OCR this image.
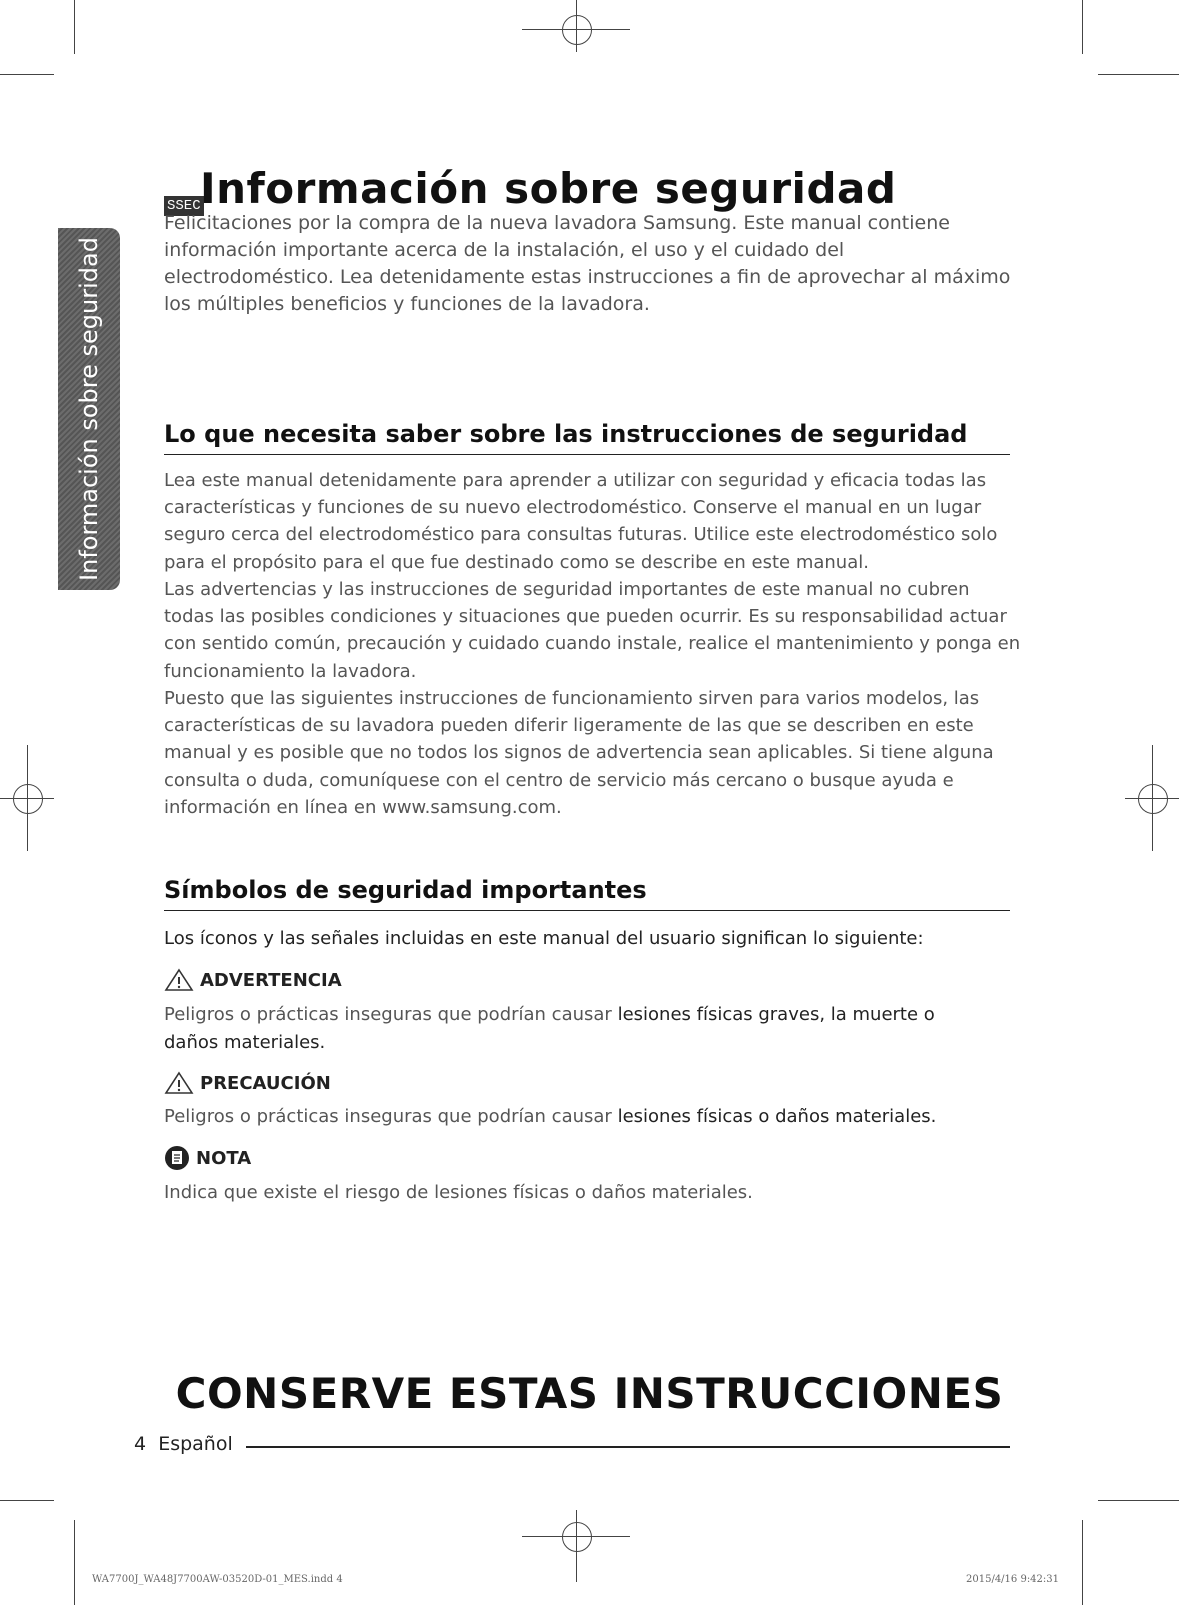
Información sobre seguridad
SSEC Información sobre seguridad
Felicitaciones por la compra de la nueva lavadora Samsung. Este manual contiene información importante acerca de la instalación, el uso y el cuidado del electrodoméstico. Lea detenidamente estas instrucciones a fin de aprovechar al máximo los múltiples beneficios y funciones de la lavadora.
Lo que necesita saber sobre las instrucciones de seguridad
Lea este manual detenidamente para aprender a utilizar con seguridad y eficacia todas las características y funciones de su nuevo electrodoméstico. Conserve el manual en un lugar seguro cerca del electrodoméstico para consultas futuras. Utilice este electrodoméstico solo para el propósito para el que fue destinado como se describe en este manual.
Las advertencias y las instrucciones de seguridad importantes de este manual no cubren todas las posibles condiciones y situaciones que pueden ocurrir. Es su responsabilidad actuar con sentido común, precaución y cuidado cuando instale, realice el mantenimiento y ponga en funcionamiento la lavadora.
Puesto que las siguientes instrucciones de funcionamiento sirven para varios modelos, las características de su lavadora pueden diferir ligeramente de las que se describen en este manual y es posible que no todos los signos de advertencia sean aplicables. Si tiene alguna consulta o duda, comuníquese con el centro de servicio más cercano o busque ayuda e información en línea en www.samsung.com.
Símbolos de seguridad importantes
Los íconos y las señales incluidas en este manual del usuario significan lo siguiente:
ADVERTENCIA
Peligros o prácticas inseguras que podrían causar lesiones físicas graves, la muerte o daños materiales.
PRECAUCIÓN
Peligros o prácticas inseguras que podrían causar lesiones físicas o daños materiales.
NOTA
Indica que existe el riesgo de lesiones físicas o daños materiales.
CONSERVE ESTAS INSTRUCCIONES
4 Español
WA7700J_WA48J7700AW-03520D-01_MES.indd 4	2015/4/16 9:42:31
